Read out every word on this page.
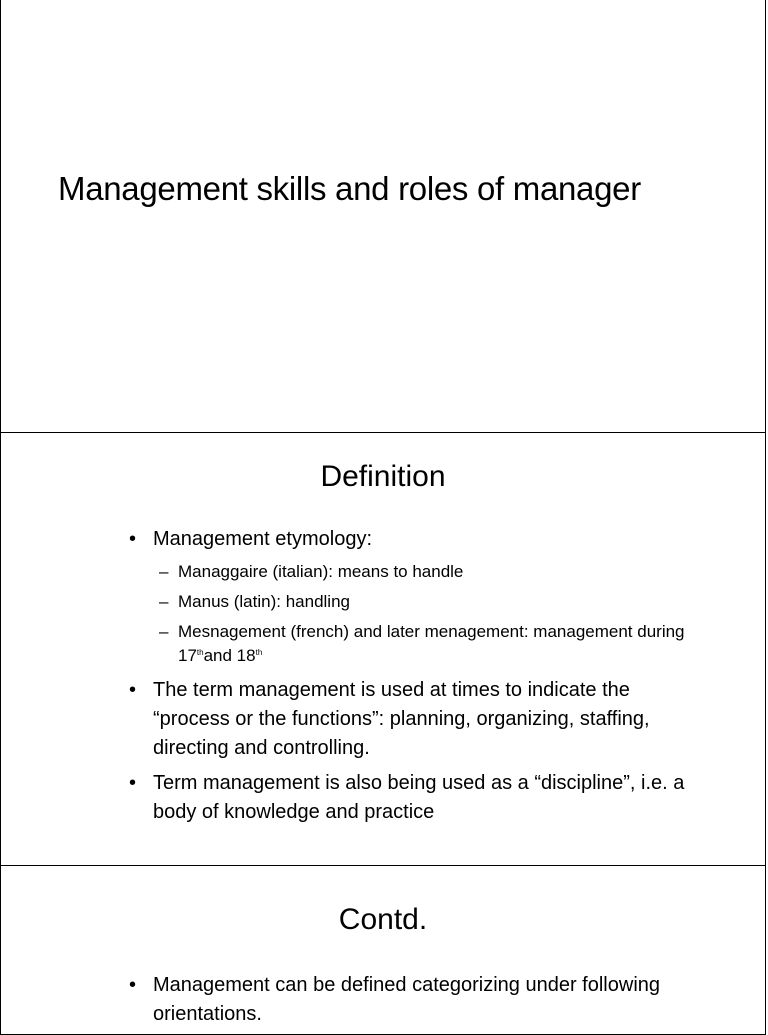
Management skills and roles of manager
Definition
• Management etymology:
– Managgaire (italian): means to handle
– Manus (latin): handling
– Mesnagement (french) and later menagement: management during 17thand 18th
• The term management is used at times to indicate the “process or the functions”: planning, organizing, staffing, directing and controlling.
• Term management is also being used as a “discipline”, i.e. a body of knowledge and practice
Contd.
• Management can be defined categorizing under following orientations.
